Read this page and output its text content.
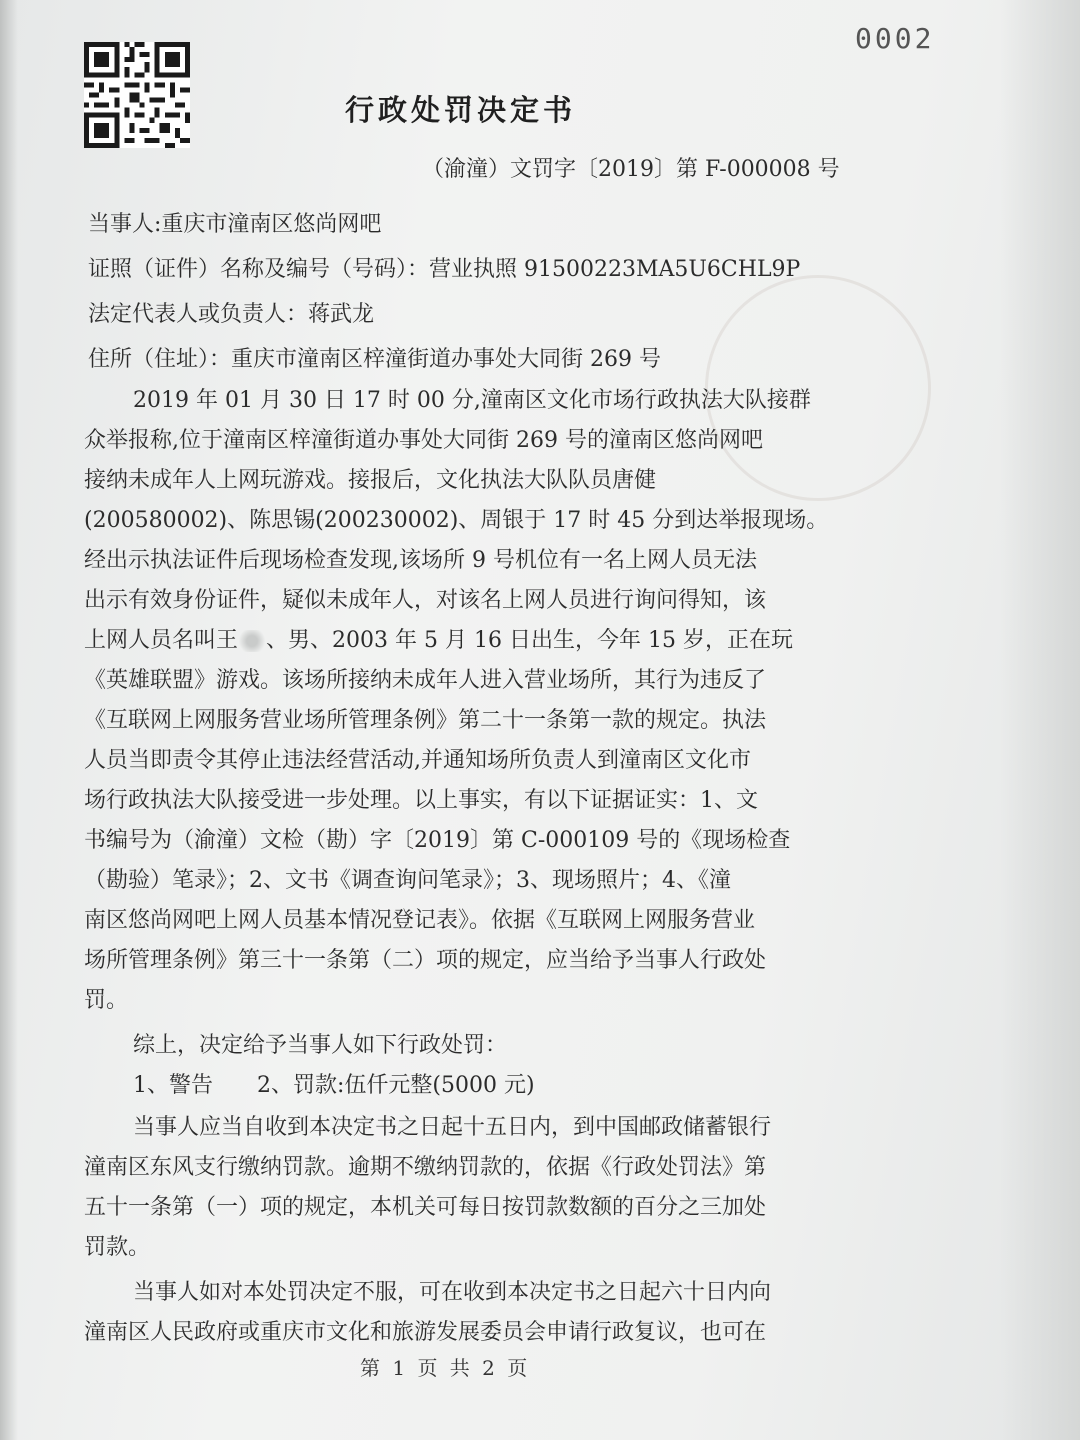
0002
行政处罚决定书
（渝潼）文罚字〔2019〕第 F-000008 号
当事人:重庆市潼南区悠尚网吧
证照（证件）名称及编号（号码）：营业执照 91500223MA5U6CHL9P
法定代表人或负责人：蒋武龙
住所（住址）：重庆市潼南区梓潼街道办事处大同街 269 号
2019 年 01 月 30 日 17 时 00 分,潼南区文化市场行政执法大队接群
众举报称,位于潼南区梓潼街道办事处大同街 269 号的潼南区悠尚网吧
接纳未成年人上网玩游戏。接报后，文化执法大队队员唐健
(200580002)、陈思锡(200230002)、周银于 17 时 45 分到达举报现场。
经出示执法证件后现场检查发现,该场所 9 号机位有一名上网人员无法
出示有效身份证件，疑似未成年人，对该名上网人员进行询问得知，该
上网人员名叫王 、男、2003 年 5 月 16 日出生，今年 15 岁，正在玩
《英雄联盟》游戏。该场所接纳未成年人进入营业场所，其行为违反了
《互联网上网服务营业场所管理条例》第二十一条第一款的规定。执法
人员当即责令其停止违法经营活动,并通知场所负责人到潼南区文化市
场行政执法大队接受进一步处理。以上事实，有以下证据证实：1、文
书编号为（渝潼）文检（勘）字〔2019〕第 C-000109 号的《现场检查
（勘验）笔录》；2、文书《调查询问笔录》；3、现场照片；4、《潼
南区悠尚网吧上网人员基本情况登记表》。依据《互联网上网服务营业
场所管理条例》第三十一条第（二）项的规定，应当给予当事人行政处
罚。
综上，决定给予当事人如下行政处罚：
1、警告　　2、罚款:伍仟元整(5000 元)
当事人应当自收到本决定书之日起十五日内，到中国邮政储蓄银行
潼南区东风支行缴纳罚款。逾期不缴纳罚款的，依据《行政处罚法》第
五十一条第（一）项的规定，本机关可每日按罚款数额的百分之三加处
罚款。
当事人如对本处罚决定不服，可在收到本决定书之日起六十日内向
潼南区人民政府或重庆市文化和旅游发展委员会申请行政复议，也可在
第 1 页 共 2 页
